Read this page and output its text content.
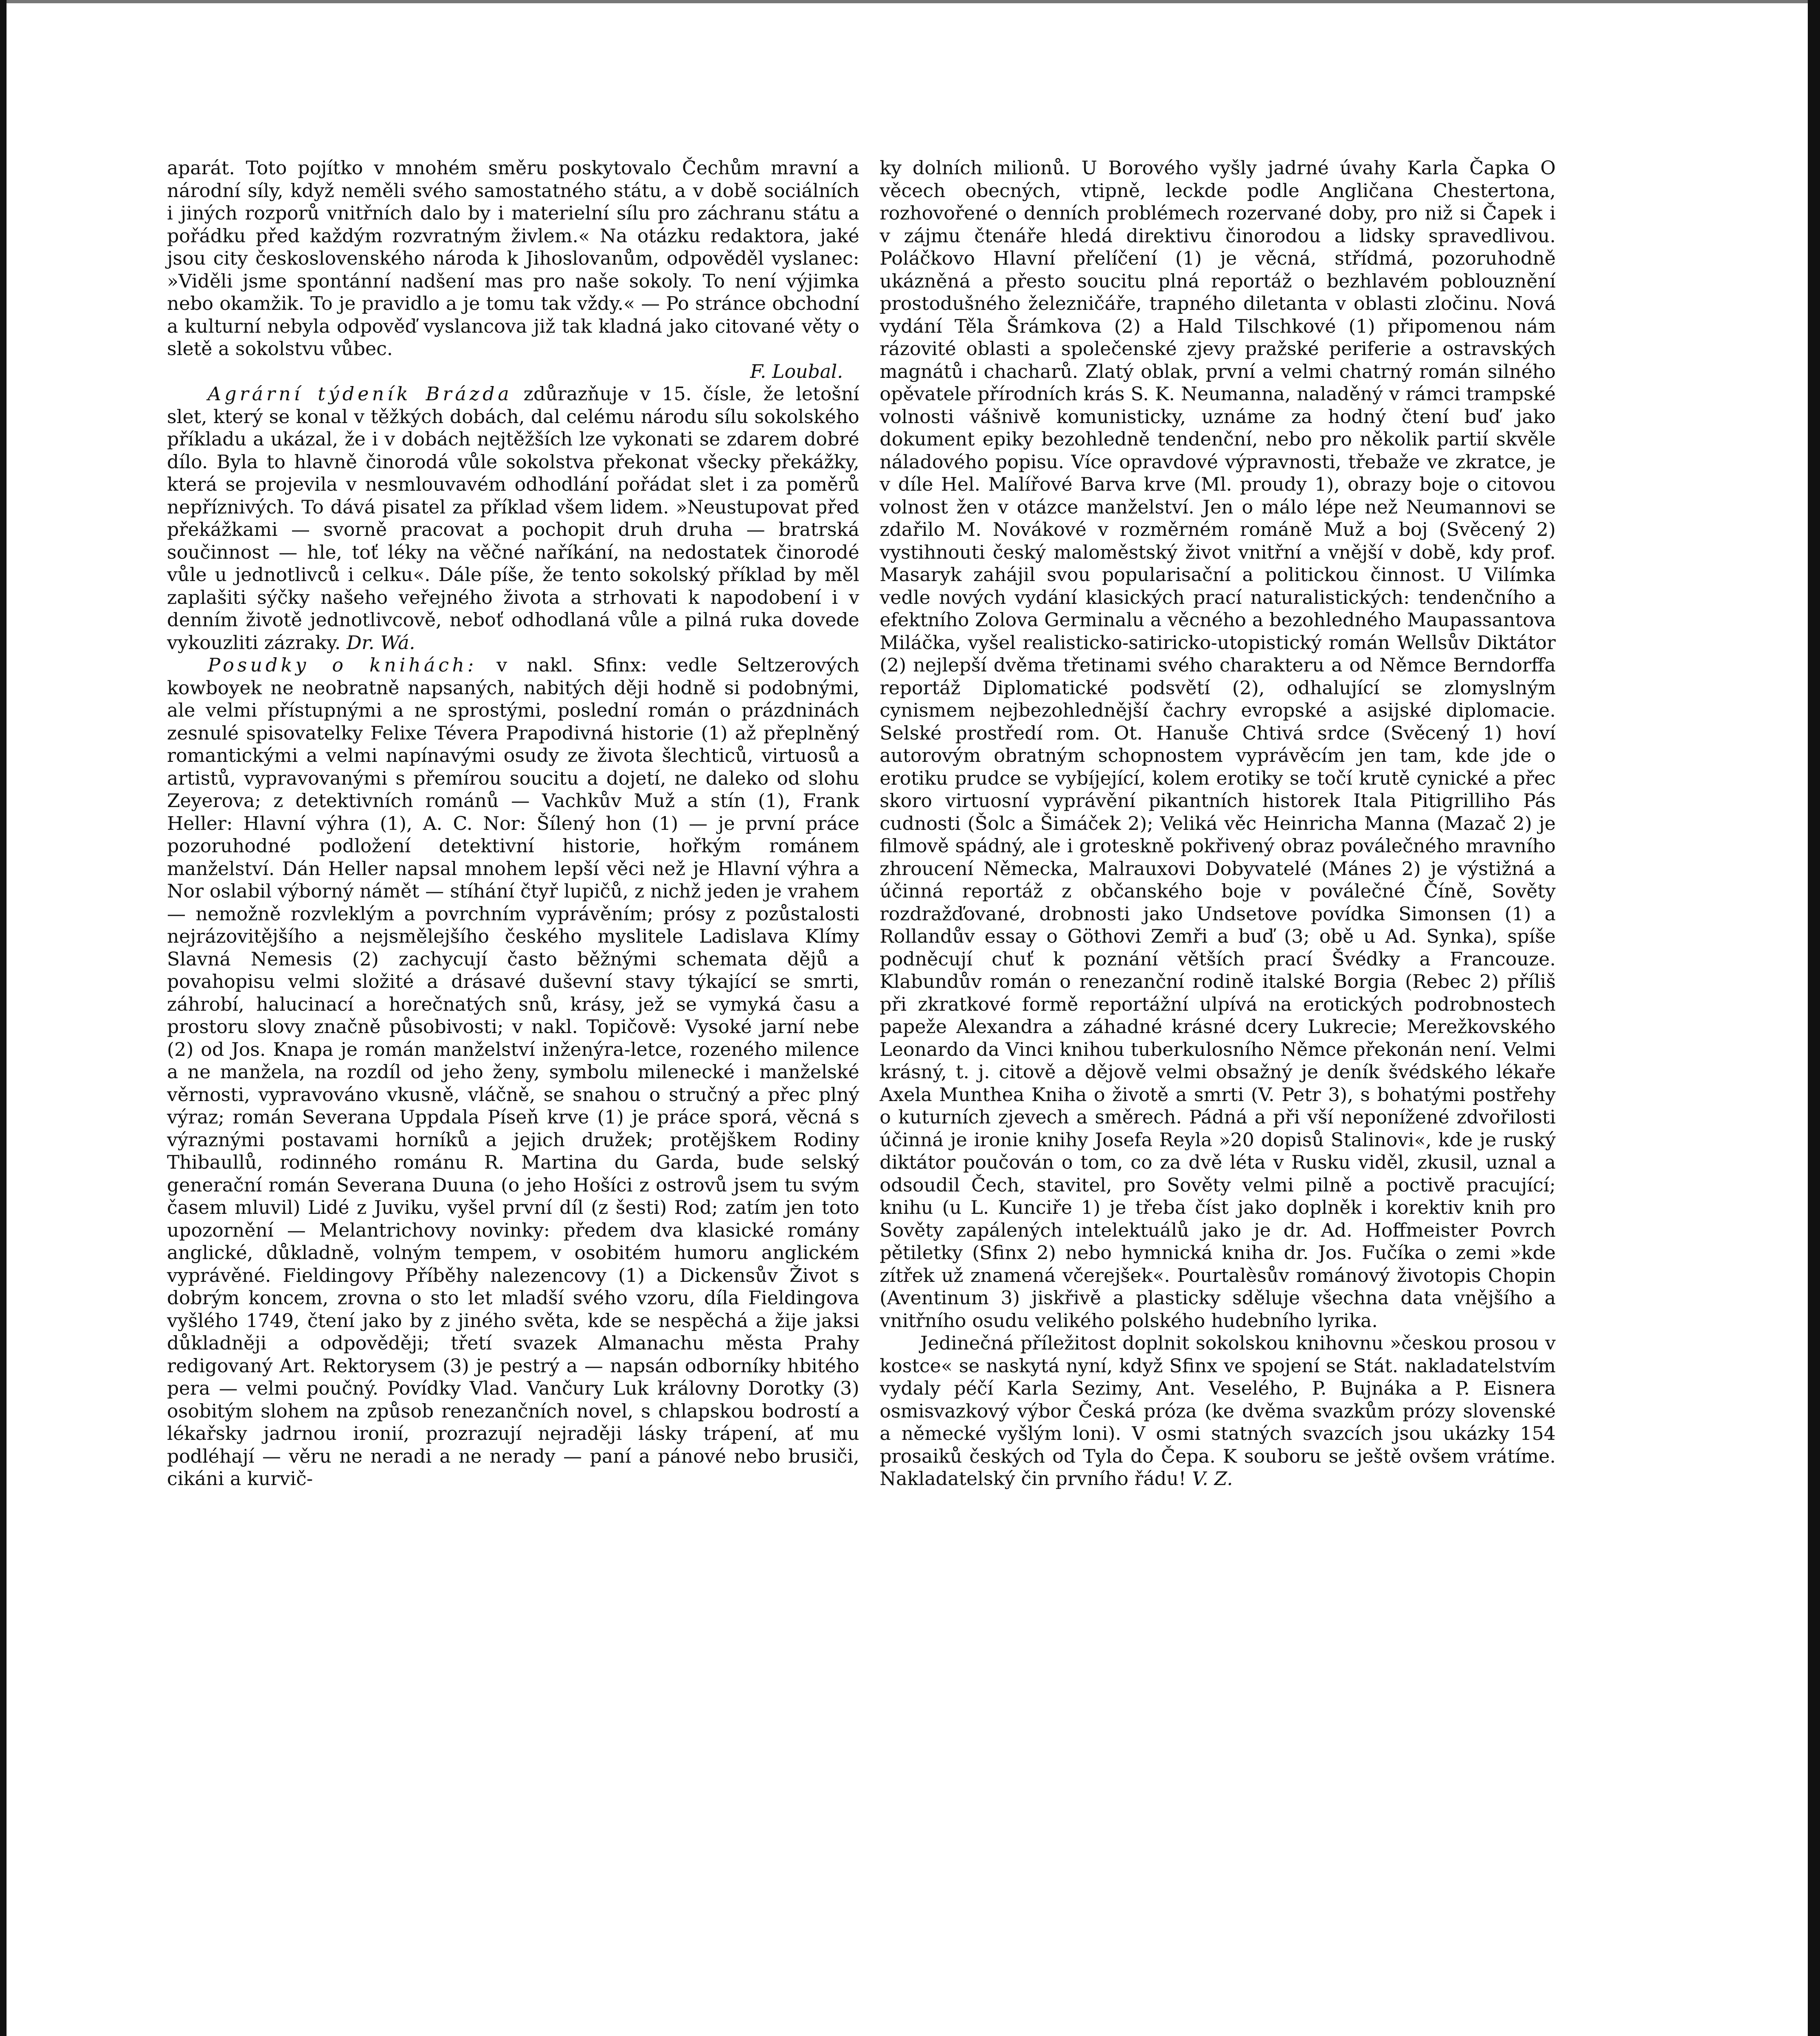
aparát. Toto pojítko v mnohém směru poskytovalo Čechům mravní a národní síly, když neměli svého samostatného státu, a v době sociálních i jiných rozporů vnitřních dalo by i materielní sílu pro záchranu státu a pořádku před každým rozvratným živlem.« Na otázku redaktora, jaké jsou city československého národa k Jihoslovanům, odpověděl vyslanec: »Viděli jsme spontánní nadšení mas pro naše sokoly. To není výjimka nebo okamžik. To je pravidlo a je tomu tak vždy.« — Po stránce obchodní a kulturní nebyla odpověď vyslancova již tak kladná jako citované věty o sletě a sokolstvu vůbec.

F. Loubal.

Agrární týdeník Brázda zdůrazňuje v 15. čísle, že letošní slet, který se konal v těžkých dobách, dal celému národu sílu sokolského příkladu a ukázal, že i v dobách nejtěžších lze vykonati se zdarem dobré dílo. Byla to hlavně činorodá vůle sokolstva překonat všecky překážky, která se projevila v nesmlouvavém odhodlání pořádat slet i za poměrů nepříznivých. To dává pisatel za příklad všem lidem. »Neustupovat před překážkami — svorně pracovat a pochopit druh druha — bratrská součinnost — hle, toť léky na věčné naříkání, na nedostatek činorodé vůle u jednotlivců i celku«. Dále píše, že tento sokolský příklad by měl zaplašiti sýčky našeho veřejného života a strhovati k napodobení i v denním životě jednotlivcově, neboť odhodlaná vůle a pilná ruka dovede vykouzliti zázraky. Dr. Wá.

Posudky o knihách: v nakl. Sfinx: vedle Seltzerových kowboyek ne neobratně napsaných, nabitých ději hodně si podobnými, ale velmi přístupnými a ne sprostými, poslední román o prázdninách zesnulé spisovatelky Felixe Tévera Prapodivná historie (1) až přeplněný romantickými a velmi napínavými osudy ze života šlechticů, virtuosů a artistů, vypravovanými s přemírou soucitu a dojetí, ne daleko od slohu Zeyerova; z detektivních románů — Vachkův Muž a stín (1), Frank Heller: Hlavní výhra (1), A. C. Nor: Šílený hon (1) — je první práce pozoruhodné podložení detektivní historie, hořkým románem manželství. Dán Heller napsal mnohem lepší věci než je Hlavní výhra a Nor oslabil výborný námět — stíhání čtyř lupičů, z nichž jeden je vrahem — nemožně rozvleklým a povrchním vyprávěním; prósy z pozůstalosti nejrázovitějšího a nejsmělejšího českého myslitele Ladislava Klímy Slavná Nemesis (2) zachycují často běžnými schemata dějů a povahopisu velmi složité a drásavé duševní stavy týkající se smrti, záhrobí, halucinací a horečnatých snů, krásy, jež se vymyká času a prostoru slovy značně působivosti; v nakl. Topičově: Vysoké jarní nebe (2) od Jos. Knapa je román manželství inženýra-letce, rozeného milence a ne manžela, na rozdíl od jeho ženy, symbolu milenecké i manželské věrnosti, vypravováno vkusně, vláčně, se snahou o stručný a přec plný výraz; román Severana Uppdala Píseň krve (1) je práce sporá, věcná s výraznými postavami horníků a jejich družek; protějškem Rodiny Thibaullů, rodinného románu R. Martina du Garda, bude selský generační román Severana Duuna (o jeho Hošíci z ostrovů jsem tu svým časem mluvil) Lidé z Juviku, vyšel první díl (z šesti) Rod; zatím jen toto upozornění — Melantrichovy novinky: předem dva klasické romány anglické, důkladně, volným tempem, v osobitém humoru anglickém vyprávěné. Fieldingovy Příběhy nalezencovy (1) a Dickensův Život s dobrým koncem, zrovna o sto let mladší svého vzoru, díla Fieldingova vyšlého 1749, čtení jako by z jiného světa, kde se nespěchá a žije jaksi důkladněji a odpověději; třetí svazek Almanachu města Prahy redigovaný Art. Rektorysem (3) je pestrý a — napsán odborníky hbitého pera — velmi poučný. Povídky Vlad. Vančury Luk královny Dorotky (3) osobitým slohem na způsob renezančních novel, s chlapskou bodrostí a lékařsky jadrnou ironií, prozrazují nejraději lásky trápení, ať mu podléhají — věru ne neradi a ne nerady — paní a pánové nebo brusiči, cikáni a kurvič-

ky dolních milionů. U Borového vyšly jadrné úvahy Karla Čapka O věcech obecných, vtipně, leckde podle Angličana Chestertona, rozhovořené o denních problémech rozervané doby, pro niž si Čapek i v zájmu čtenáře hledá direktivu činorodou a lidsky spravedlivou. Poláčkovo Hlavní přelíčení (1) je věcná, střídmá, pozoruhodně ukázněná a přesto soucitu plná reportáž o bezhlavém poblouznění prostodušného železničáře, trapného diletanta v oblasti zločinu. Nová vydání Těla Šrámkova (2) a Hald Tilschkové (1) připomenou nám rázovité oblasti a společenské zjevy pražské periferie a ostravských magnátů i chacharů. Zlatý oblak, první a velmi chatrný román silného opěvatele přírodních krás S. K. Neumanna, naladěný v rámci trampské volnosti vášnivě komunisticky, uznáme za hodný čtení buď jako dokument epiky bezohledně tendenční, nebo pro několik partií skvěle náladového popisu. Více opravdové výpravnosti, třebaže ve zkratce, je v díle Hel. Malířové Barva krve (Ml. proudy 1), obrazy boje o citovou volnost žen v otázce manželství. Jen o málo lépe než Neumannovi se zdařilo M. Novákové v rozměrném románě Muž a boj (Svěcený 2) vystihnouti český maloměstský život vnitřní a vnější v době, kdy prof. Masaryk zahájil svou popularisační a politickou činnost. U Vilímka vedle nových vydání klasických prací naturalistických: tendenčního a efektního Zolova Germinalu a věcného a bezohledného Maupassantova Miláčka, vyšel realisticko-satiricko-utopistický román Wellsův Diktátor (2) nejlepší dvěma třetinami svého charakteru a od Němce Berndorffa reportáž Diplomatické podsvětí (2), odhalující se zlomyslným cynismem nejbezohlednější čachry evropské a asijské diplomacie. Selské prostředí rom. Ot. Hanuše Chtivá srdce (Svěcený 1) hoví autorovým obratným schopnostem vyprávěcím jen tam, kde jde o erotiku prudce se vybíjející, kolem erotiky se točí krutě cynické a přec skoro virtuosní vyprávění pikantních historek Itala Pitigrilliho Pás cudnosti (Šolc a Šimáček 2); Veliká věc Heinricha Manna (Mazač 2) je filmově spádný, ale i groteskně pokřivený obraz poválečného mravního zhroucení Německa, Malrauxovi Dobyvatelé (Mánes 2) je výstižná a účinná reportáž z občanského boje v poválečné Číně, Sověty rozdražďované, drobnosti jako Undsetove povídka Simonsen (1) a Rollandův essay o Göthovi Zemři a buď (3; obě u Ad. Synka), spíše podněcují chuť k poznání větších prací Švédky a Francouze. Klabundův román o renezanční rodině italské Borgia (Rebec 2) příliš při zkratkové formě reportážní ulpívá na erotických podrobnostech papeže Alexandra a záhadné krásné dcery Lukrecie; Merežkovského Leonardo da Vinci knihou tuberkulosního Němce překonán není. Velmi krásný, t. j. citově a dějově velmi obsažný je deník švédského lékaře Axela Munthea Kniha o životě a smrti (V. Petr 3), s bohatými postřehy o kuturních zjevech a směrech. Pádná a při vší neponížené zdvořilosti účinná je ironie knihy Josefa Reyla »20 dopisů Stalinovi«, kde je ruský diktátor poučován o tom, co za dvě léta v Rusku viděl, zkusil, uznal a odsoudil Čech, stavitel, pro Sověty velmi pilně a poctivě pracující; knihu (u L. Kunciře 1) je třeba číst jako doplněk i korektiv knih pro Sověty zapálených intelektuálů jako je dr. Ad. Hoffmeister Povrch pětiletky (Sfinx 2) nebo hymnická kniha dr. Jos. Fučíka o zemi »kde zítřek už znamená včerejšek«. Pourtalèsův románový životopis Chopin (Aventinum 3) jiskřivě a plasticky sděluje všechna data vnějšího a vnitřního osudu velikého polského hudebního lyrika.

Jedinečná příležitost doplnit sokolskou knihovnu »českou prosou v kostce« se naskytá nyní, když Sfinx ve spojení se Stát. nakladatelstvím vydaly péčí Karla Sezimy, Ant. Veselého, P. Bujnáka a P. Eisnera osmisvazkový výbor Česká próza (ke dvěma svazkům prózy slovenské a německé vyšlým loni). V osmi statných svazcích jsou ukázky 154 prosaiků českých od Tyla do Čepa. K souboru se ještě ovšem vrátíme. Nakladatelský čin prvního řádu! V. Z.
